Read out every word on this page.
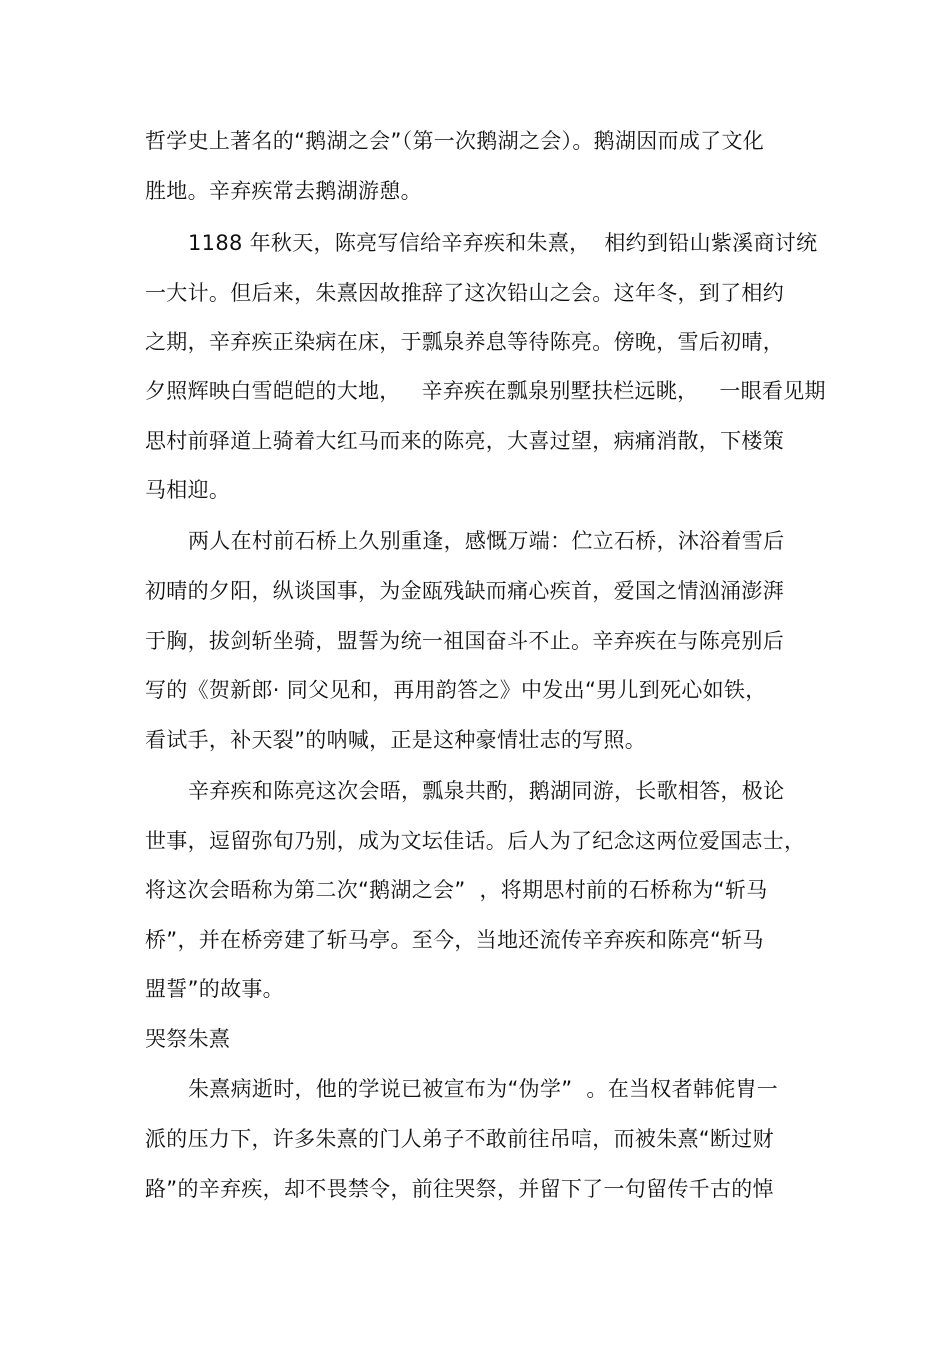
哲学史上著名的“鹅湖之会”（第一次鹅湖之会）。鹅湖因而成了文化
胜地。辛弃疾常去鹅湖游憩。
1188 年秋天，陈亮写信给辛弃疾和朱熹，  相约到铅山紫溪商讨统
一大计。但后来，朱熹因故推辞了这次铅山之会。这年冬，到了相约
之期，辛弃疾正染病在床，于瓢泉养息等待陈亮。傍晚，雪后初晴，
夕照辉映白雪皑皑的大地，   辛弃疾在瓢泉别墅扶栏远眺，   一眼看见期
思村前驿道上骑着大红马而来的陈亮，大喜过望，病痛消散，下楼策
马相迎。
两人在村前石桥上久别重逢，感慨万端：伫立石桥，沐浴着雪后
初晴的夕阳，纵谈国事，为金瓯残缺而痛心疾首，爱国之情汹涌澎湃
于胸，拔剑斩坐骑，盟誓为统一祖国奋斗不止。辛弃疾在与陈亮别后
写的《贺新郎· 同父见和，再用韵答之》中发出“男儿到死心如铁，
看试手，补天裂”的呐喊，正是这种豪情壮志的写照。
辛弃疾和陈亮这次会晤，瓢泉共酌，鹅湖同游，长歌相答，极论
世事，逗留弥旬乃别，成为文坛佳话。后人为了纪念这两位爱国志士，
将这次会晤称为第二次“鹅湖之会”  ，将期思村前的石桥称为“斩马
桥”，并在桥旁建了斩马亭。至今，当地还流传辛弃疾和陈亮“斩马
盟誓”的故事。
哭祭朱熹
朱熹病逝时，他的学说已被宣布为“伪学”  。在当权者韩侂胄一
派的压力下，许多朱熹的门人弟子不敢前往吊唁，而被朱熹“断过财
路”的辛弃疾，却不畏禁令，前往哭祭，并留下了一句留传千古的悼
